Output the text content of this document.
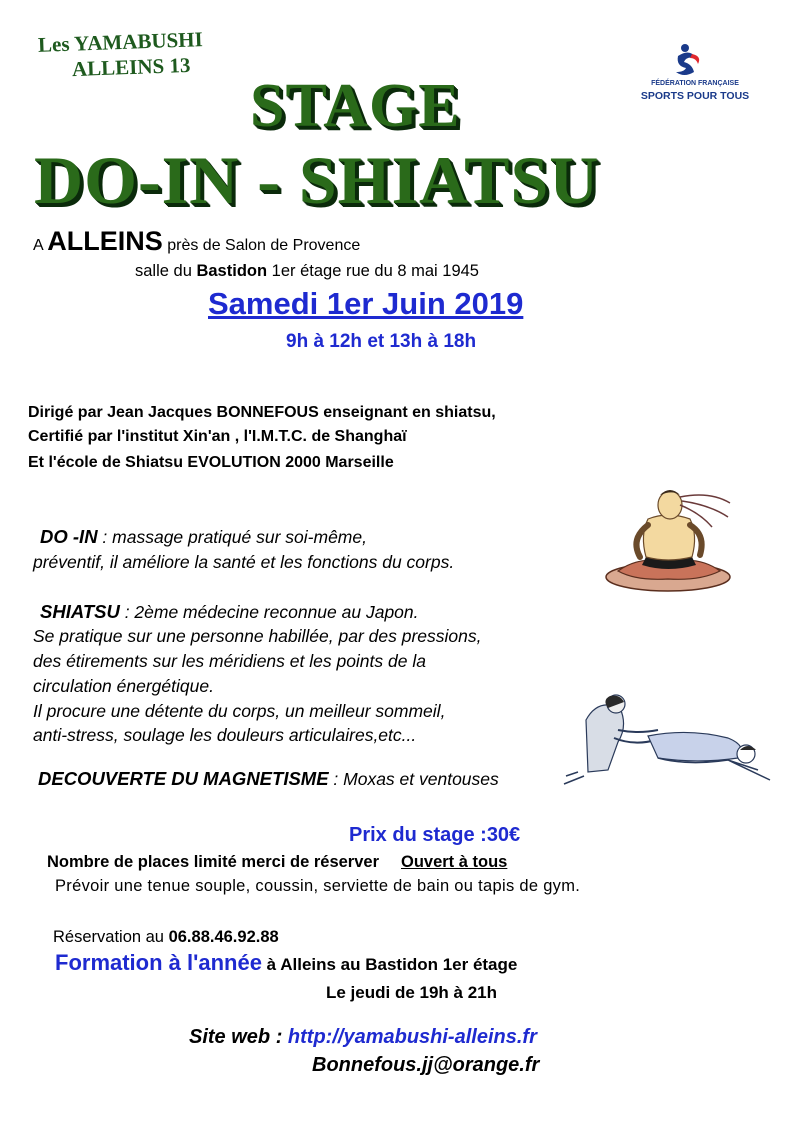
Les YAMABUSHI
ALLEINS 13
FÉDÉRATION FRANÇAISE
SPORTS POUR TOUS
STAGE
DO-IN - SHIATSU
A ALLEINS près de Salon de Provence
salle du Bastidon 1er étage rue du 8 mai 1945
Samedi 1er Juin 2019
9h à 12h et 13h à 18h
Dirigé par Jean Jacques BONNEFOUS enseignant en shiatsu,
Certifié par l'institut Xin'an , l'I.M.T.C. de Shanghaï
Et l'école de Shiatsu EVOLUTION 2000 Marseille
DO -IN : massage pratiqué sur soi-même,
préventif, il améliore la santé et les fonctions du corps.
SHIATSU : 2ème médecine reconnue au Japon.
Se pratique sur une personne habillée, par des pressions,
des étirements sur les méridiens et les points de la
circulation énergétique.
Il procure une détente du corps, un meilleur sommeil,
anti-stress, soulage les douleurs articulaires,etc...
DECOUVERTE DU MAGNETISME : Moxas et ventouses
Prix du stage :30€
Nombre de places limité merci de réserver Ouvert à tous
Prévoir une tenue souple, coussin, serviette de bain ou tapis de gym.
Réservation au 06.88.46.92.88
Formation à l'année à Alleins au Bastidon 1er étage
Le jeudi de 19h à 21h
Site web : http://yamabushi-alleins.fr
Bonnefous.jj@orange.fr
